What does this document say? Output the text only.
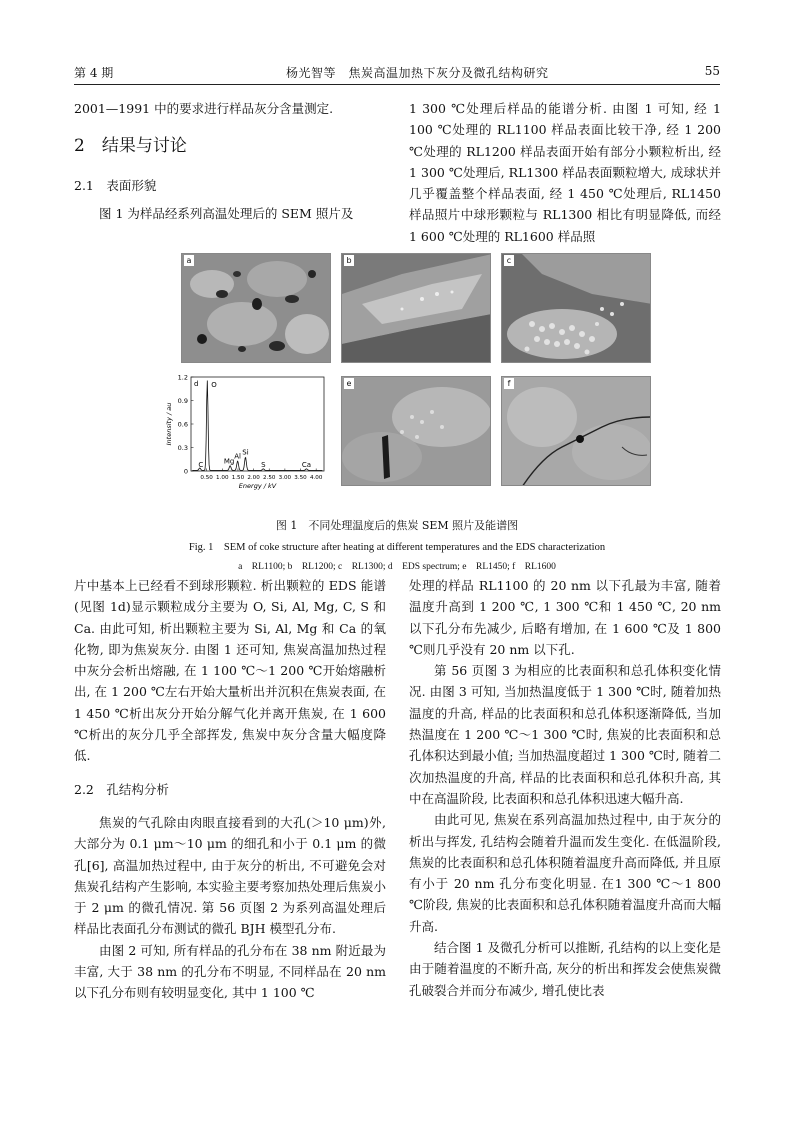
第 4 期	杨光智等　焦炭高温加热下灰分及微孔结构研究	55

2001—1991 中的要求进行样品灰分含量测定.

2　结果与讨论

2.1　表面形貌

图 1 为样品经系列高温处理后的 SEM 照片及

1 300 ℃处理后样品的能谱分析. 由图 1 可知, 经 1 100 ℃处理的 RL1100 样品表面比较干净, 经 1 200 ℃处理的 RL1200 样品表面开始有部分小颗粒析出, 经 1 300 ℃处理后, RL1300 样品表面颗粒增大, 成球状并几乎覆盖整个样品表面, 经 1 450 ℃处理后, RL1450 样品照片中球形颗粒与 RL1300 相比有明显降低, 而经 1 600 ℃处理的 RL1600 样品照

a	b	c
0
0.3
0.6
0.9
1.2
0.50 1.00 1.50 2.00 2.50 3.00 3.50 4.00
Energy / kV
Intensity / au
d
C
O
Mg
Al Si
S	Ca
e	f
图 1　不同处理温度后的焦炭 SEM 照片及能谱图
Fig. 1　SEM of coke structure after heating at different temperatures and the EDS characterization
a　RL1100; b　RL1200; c　RL1300; d　EDS spectrum; e　RL1450; f　RL1600

片中基本上已经看不到球形颗粒. 析出颗粒的 EDS 能谱(见图 1d)显示颗粒成分主要为 O, Si, Al, Mg, C, S 和 Ca. 由此可知, 析出颗粒主要为 Si, Al, Mg 和 Ca 的氧化物, 即为焦炭灰分. 由图 1 还可知, 焦炭高温加热过程中灰分会析出熔融, 在 1 100 ℃～1 200 ℃开始熔融析出, 在 1 200 ℃左右开始大量析出并沉积在焦炭表面, 在 1 450 ℃析出灰分开始分解气化并离开焦炭, 在 1 600 ℃析出的灰分几乎全部挥发, 焦炭中灰分含量大幅度降低.

2.2　孔结构分析

焦炭的气孔除由肉眼直接看到的大孔(＞10 μm)外, 大部分为 0.1 μm～10 μm 的细孔和小于 0.1 μm 的微孔[6], 高温加热过程中, 由于灰分的析出, 不可避免会对焦炭孔结构产生影响, 本实验主要考察加热处理后焦炭小于 2 μm 的微孔情况. 第 56 页图 2 为系列高温处理后样品比表面孔分布测试的微孔 BJH 模型孔分布.

由图 2 可知, 所有样品的孔分布在 38 nm 附近最为丰富, 大于 38 nm 的孔分布不明显, 不同样品在 20 nm 以下孔分布则有较明显变化, 其中 1 100 ℃

处理的样品 RL1100 的 20 nm 以下孔最为丰富, 随着温度升高到 1 200 ℃, 1 300 ℃和 1 450 ℃, 20 nm 以下孔分布先减少, 后略有增加, 在 1 600 ℃及 1 800 ℃则几乎没有 20 nm 以下孔.

第 56 页图 3 为相应的比表面积和总孔体积变化情况. 由图 3 可知, 当加热温度低于 1 300 ℃时, 随着加热温度的升高, 样品的比表面积和总孔体积逐渐降低, 当加热温度在 1 200 ℃～1 300 ℃时, 焦炭的比表面积和总孔体积达到最小值; 当加热温度超过 1 300 ℃时, 随着二次加热温度的升高, 样品的比表面积和总孔体积升高, 其中在高温阶段, 比表面积和总孔体积迅速大幅升高.

由此可见, 焦炭在系列高温加热过程中, 由于灰分的析出与挥发, 孔结构会随着升温而发生变化. 在低温阶段, 焦炭的比表面积和总孔体积随着温度升高而降低, 并且原有小于 20 nm 孔分布变化明显. 在1 300 ℃～1 800 ℃阶段, 焦炭的比表面积和总孔体积随着温度升高而大幅升高.

结合图 1 及微孔分析可以推断, 孔结构的以上变化是由于随着温度的不断升高, 灰分的析出和挥发会使焦炭微孔破裂合并而分布减少, 增孔使比表
